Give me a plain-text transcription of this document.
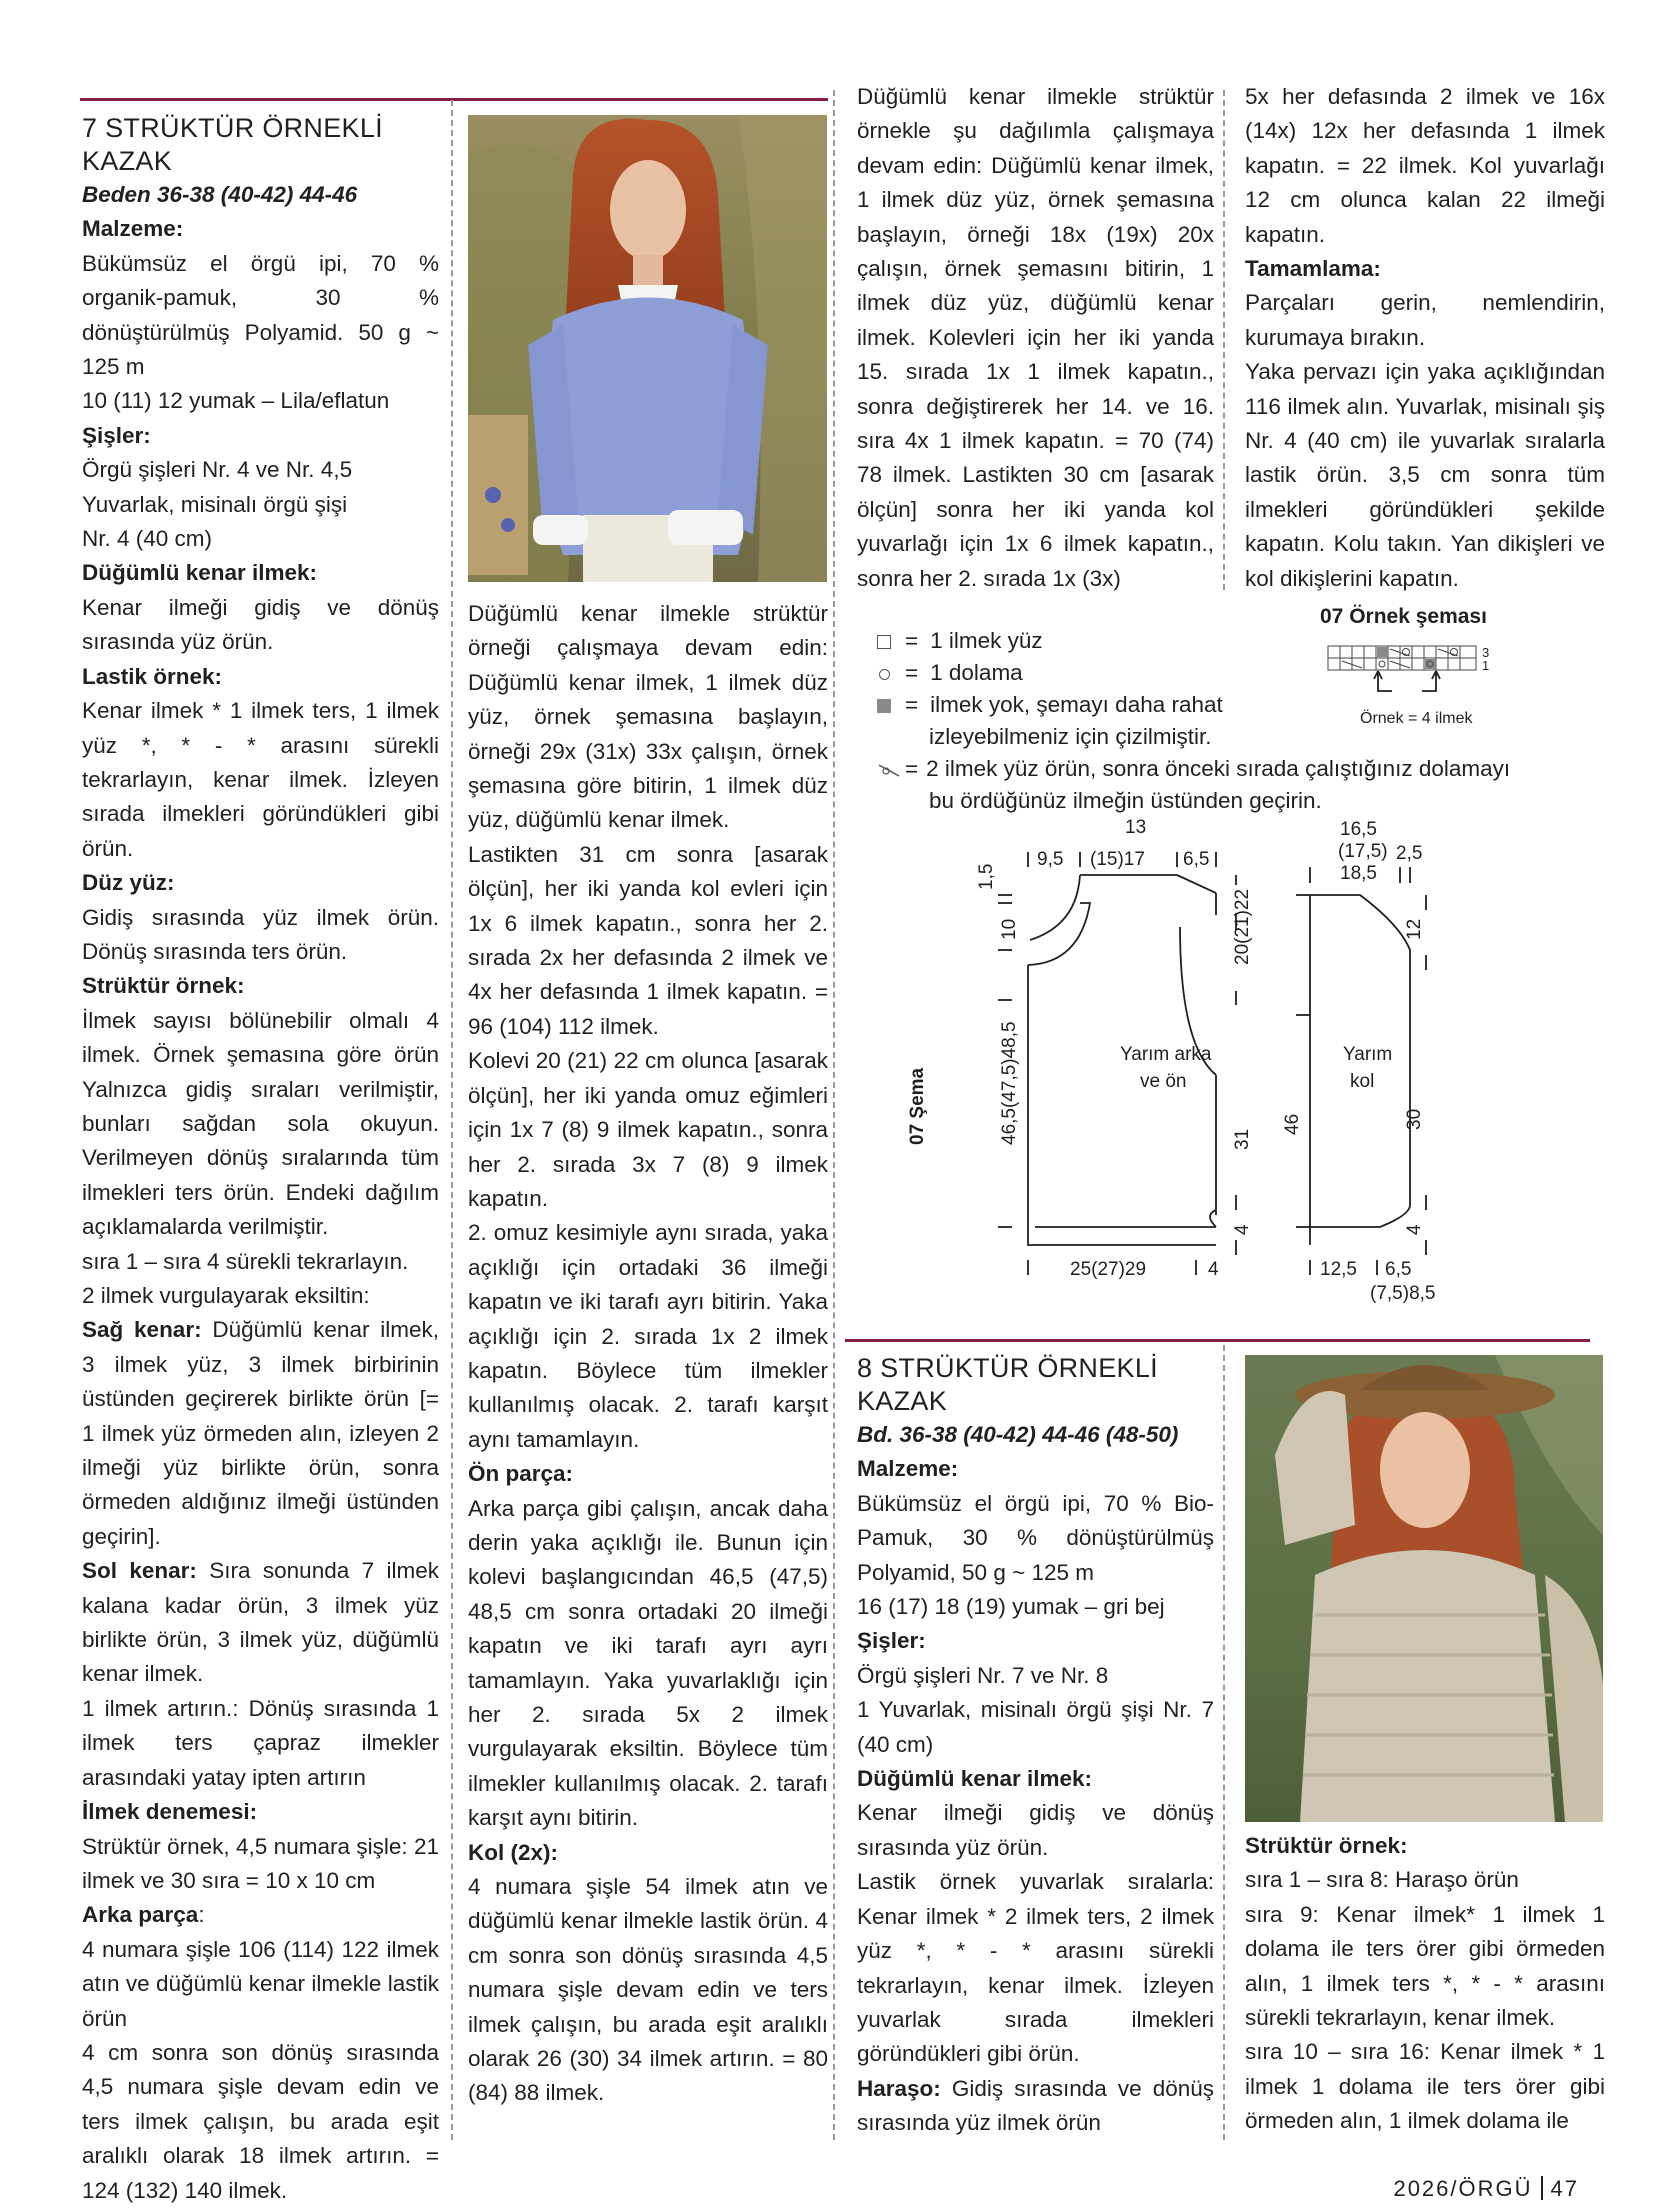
7 STRÜKTÜR ÖRNEKLİ

KAZAK

Beden 36-38 (40-42) 44-46

Malzeme:

Bükümsüz el örgü ipi, 70 % organik-pamuk, 30 % dönüştürülmüş Polyamid. 50 g ~ 125 m

10 (11) 12 yumak – Lila/eflatun

Şişler:

Örgü şişleri Nr. 4 ve Nr. 4,5

Yuvarlak, misinalı örgü şişi

Nr. 4 (40 cm)

Düğümlü kenar ilmek:

Kenar ilmeği gidiş ve dönüş sırasında yüz örün.

Lastik örnek:

Kenar ilmek * 1 ilmek ters, 1 ilmek yüz *, * - * arasını sürekli tekrarlayın, kenar ilmek. İzleyen sırada ilmekleri göründükleri gibi örün.

Düz yüz:

Gidiş sırasında yüz ilmek örün. Dönüş sırasında ters örün.

Strüktür örnek:

İlmek sayısı bölünebilir olmalı 4 ilmek. Örnek şemasına göre örün Yalnızca gidiş sıraları verilmiştir, bunları sağdan sola okuyun. Verilmeyen dönüş sıralarında tüm ilmekleri ters örün. Endeki dağılım açıklamalarda verilmiştir.

sıra 1 – sıra 4 sürekli tekrarlayın.

2 ilmek vurgulayarak eksiltin:

Sağ kenar: Düğümlü kenar ilmek, 3 ilmek yüz, 3 ilmek birbirinin üstünden geçirerek birlikte örün [= 1 ilmek yüz örmeden alın, izleyen 2 ilmeği yüz birlikte örün, sonra örmeden aldığınız ilmeği üstünden geçirin].

Sol kenar: Sıra sonunda 7 ilmek kalana kadar örün, 3 ilmek yüz birlikte örün, 3 ilmek yüz, düğümlü kenar ilmek.

1 ilmek artırın.: Dönüş sırasında 1 ilmek ters çapraz ilmekler arasındaki yatay ipten artırın

İlmek denemesi:

Strüktür örnek, 4,5 numara şişle: 21 ilmek ve 30 sıra = 10 x 10 cm

Arka parça:

4 numara şişle 106 (114) 122 ilmek atın ve düğümlü kenar ilmekle lastik örün

4 cm sonra son dönüş sırasında 4,5 numara şişle devam edin ve ters ilmek çalışın, bu arada eşit aralıklı olarak 18 ilmek artırın. = 124 (132) 140 ilmek.

Düğümlü kenar ilmekle strüktür örneği çalışmaya devam edin: Düğümlü kenar ilmek, 1 ilmek düz yüz, örnek şemasına başlayın, örneği 29x (31x) 33x çalışın, örnek şemasına göre bitirin, 1 ilmek düz yüz, düğümlü kenar ilmek.

Lastikten 31 cm sonra [asarak ölçün], her iki yanda kol evleri için 1x 6 ilmek kapatın., sonra her 2. sırada 2x her defasında 2 ilmek ve 4x her defasında 1 ilmek kapatın. = 96 (104) 112 ilmek.

Kolevi 20 (21) 22 cm olunca [asarak ölçün], her iki yanda omuz eğimleri için 1x 7 (8) 9 ilmek kapatın., sonra her 2. sırada 3x 7 (8) 9 ilmek kapatın.

2. omuz kesimiyle aynı sırada, yaka açıklığı için ortadaki 36 ilmeği kapatın ve iki tarafı ayrı bitirin. Yaka açıklığı için 2. sırada 1x 2 ilmek kapatın. Böylece tüm ilmekler kullanılmış olacak. 2. tarafı karşıt aynı tamamlayın.

Ön parça:

Arka parça gibi çalışın, ancak daha derin yaka açıklığı ile. Bunun için kolevi başlangıcından 46,5 (47,5) 48,5 cm sonra ortadaki 20 ilmeği kapatın ve iki tarafı ayrı ayrı tamamlayın. Yaka yuvarlaklığı için her 2. sırada 5x 2 ilmek vurgulayarak eksiltin. Böylece tüm ilmekler kullanılmış olacak. 2. tarafı karşıt aynı bitirin.

Kol (2x):

4 numara şişle 54 ilmek atın ve düğümlü kenar ilmekle lastik örün. 4 cm sonra son dönüş sırasında 4,5 numara şişle devam edin ve ters ilmek çalışın, bu arada eşit aralıklı olarak 26 (30) 34 ilmek artırın. = 80 (84) 88 ilmek.

Düğümlü kenar ilmekle strüktür örnekle şu dağılımla çalışmaya devam edin: Düğümlü kenar ilmek, 1 ilmek düz yüz, örnek şemasına başlayın, örneği 18x (19x) 20x çalışın, örnek şemasını bitirin, 1 ilmek düz yüz, düğümlü kenar ilmek. Kolevleri için her iki yanda 15. sırada 1x 1 ilmek kapatın., sonra değiştirerek her 14. ve 16. sıra 4x 1 ilmek kapatın. = 70 (74) 78 ilmek. Lastikten 30 cm [asarak ölçün] sonra her iki yanda kol yuvarlağı için 1x 6 ilmek kapatın., sonra her 2. sırada 1x (3x)

5x her defasında 2 ilmek ve 16x (14x) 12x her defasında 1 ilmek kapatın. = 22 ilmek. Kol yuvarlağı 12 cm olunca kalan 22 ilmeği kapatın.

Tamamlama:

Parçaları gerin, nemlendirin, kurumaya bırakın.

Yaka pervazı için yaka açıklığından 116 ilmek alın. Yuvarlak, misinalı şiş Nr. 4 (40 cm) ile yuvarlak sıralarla lastik örün. 3,5 cm sonra tüm ilmekleri göründükleri şekilde kapatın. Kolu takın. Yan dikişleri ve kol dikişlerini kapatın.

= 1 ilmek yüz
= 1 dolama
= ilmek yok, şemayı daha rahat
izleyebilmeniz için çizilmiştir.
= 2 ilmek yüz örün, sonra önceki sırada çalıştığınız dolamayı
bu ördüğünüz ilmeğin üstünden geçirin.
07 Örnek şeması
3
1
Örnek = 4 ilmek
07 Şema
13
9,5 (15)17 6,5
1,5
10
46,5(47,5)48,5	Yarım arka
ve ön
20(21)22
31
4
25(27)29	4
16,5
(17,5)
18,5
2,5
Yarım
kol
12
30
4
46
12,5 6,5
(7,5)8,5

8 STRÜKTÜR ÖRNEKLİ

KAZAK

Bd. 36-38 (40-42) 44-46 (48-50)

Malzeme:

Bükümsüz el örgü ipi, 70 % Bio-Pamuk, 30 % dönüştürülmüş Polyamid, 50 g ~ 125 m

16 (17) 18 (19) yumak – gri bej

Şişler:

Örgü şişleri Nr. 7 ve Nr. 8

1 Yuvarlak, misinalı örgü şişi Nr. 7 (40 cm)

Düğümlü kenar ilmek:

Kenar ilmeği gidiş ve dönüş sırasında yüz örün.

Lastik örnek yuvarlak sıralarla: Kenar ilmek * 2 ilmek ters, 2 ilmek yüz *, * - * arasını sürekli tekrarlayın, kenar ilmek. İzleyen yuvarlak sırada ilmekleri göründükleri gibi örün.

Haraşo: Gidiş sırasında ve dönüş sırasında yüz ilmek örün

Strüktür örnek:

sıra 1 – sıra 8: Haraşo örün

sıra 9: Kenar ilmek* 1 ilmek 1 dolama ile ters örer gibi örmeden alın, 1 ilmek ters *, * - * arasını sürekli tekrarlayın, kenar ilmek.

sıra 10 – sıra 16: Kenar ilmek * 1 ilmek 1 dolama ile ters örer gibi örmeden alın, 1 ilmek dolama ile

2026/ÖRGÜ 47
